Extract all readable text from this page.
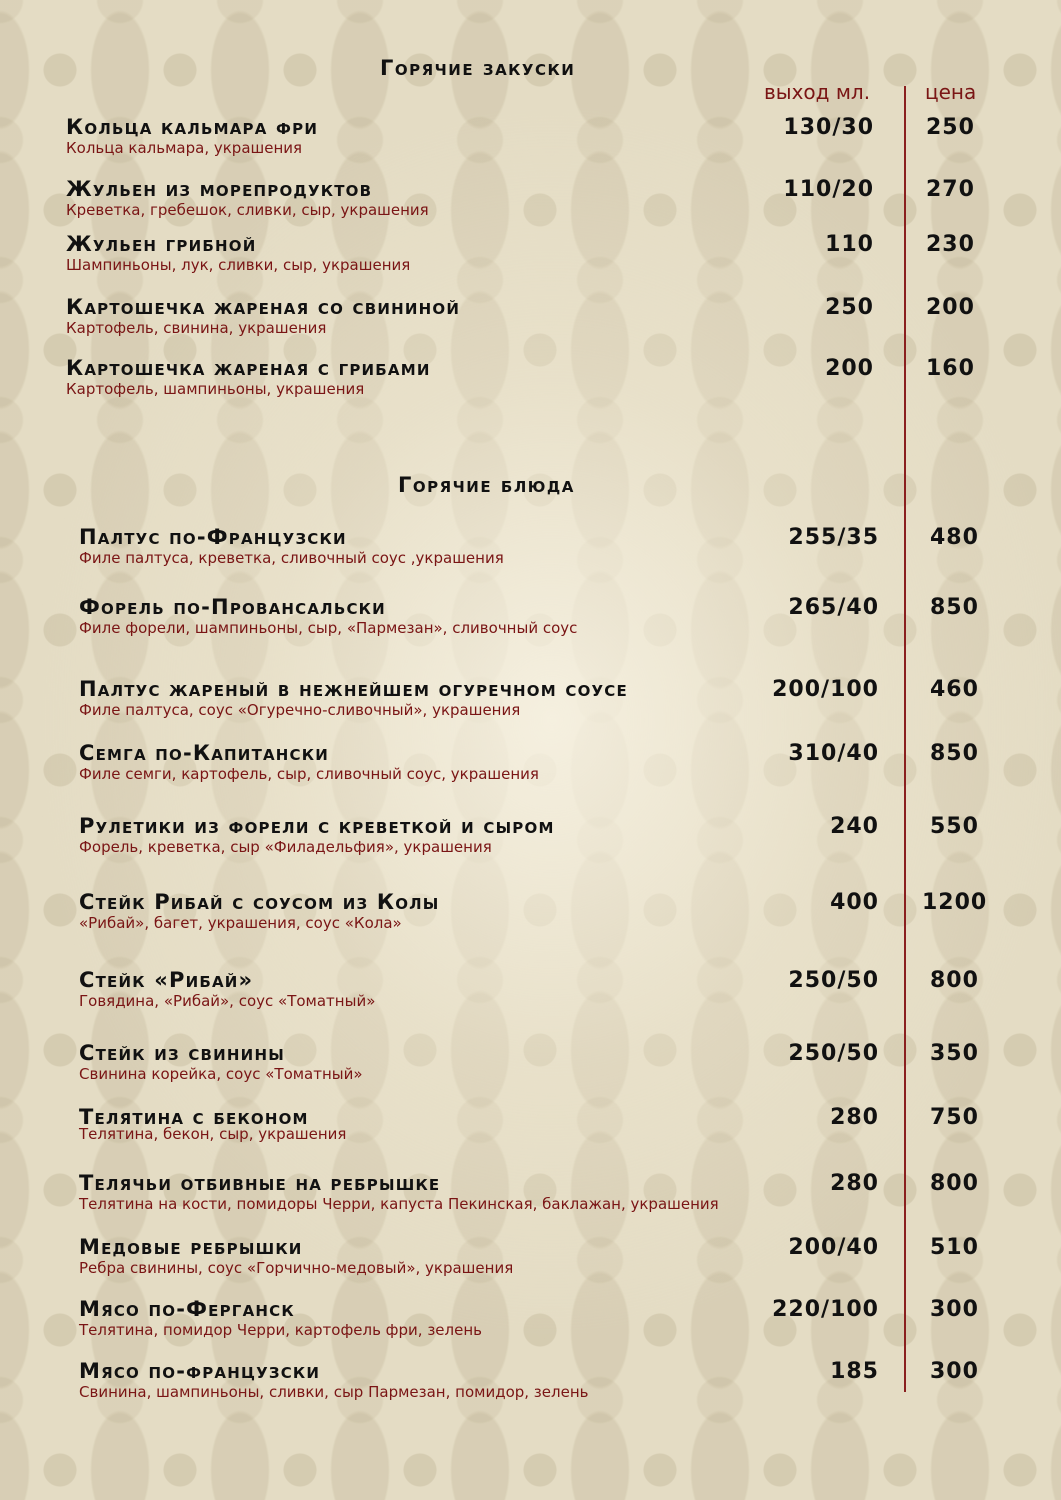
Горячие закуски
выход мл.	цена
Кольца кальмара фри
Кольца кальмара, украшения
130/30 250
Жульен из морепродуктов
Креветка, гребешок, сливки, сыр, украшения
110/20 270
Жульен грибной
Шампиньоны, лук, сливки, сыр, украшения
110 230
Картошечка жареная со свининой
Картофель, свинина, украшения
250 200
Картошечка жареная с грибами
Картофель, шампиньоны, украшения
200 160
Горячие блюда
Палтус по-Французски
Филе палтуса, креветка, сливочный соус ,украшения
255/35 480
Форель по-Провансальски
Филе форели, шампиньоны, сыр, «Пармезан», сливочный соус
265/40 850
Палтус жареный в нежнейшем огуречном соусе
Филе палтуса, соус «Огуречно-сливочный», украшения
200/100 460
Семга по-Капитански
Филе семги, картофель, сыр, сливочный соус, украшения
310/40 850
Рулетики из форели с креветкой и сыром
Форель, креветка, сыр «Филадельфия», украшения
240 550
Стейк Рибай с соусом из Колы
«Рибай», багет, украшения, соус «Кола»
400 1200
Стейк «Рибай»
Говядина, «Рибай», соус «Томатный»
250/50 800
Стейк из свинины
Свинина корейка, соус «Томатный»
250/50 350
Телятина с беконом
Телятина, бекон, сыр, украшения
280 750
Телячьи отбивные на ребрышке
Телятина на кости, помидоры Черри, капуста Пекинская, баклажан, украшения
280 800
Медовые ребрышки
Ребра свинины, соус «Горчично-медовый», украшения
200/40 510
Мясо по-Ферганск
Телятина, помидор Черри, картофель фри, зелень
220/100 300
Мясо по-французски
Свинина, шампиньоны, сливки, сыр Пармезан, помидор, зелень
185 300
